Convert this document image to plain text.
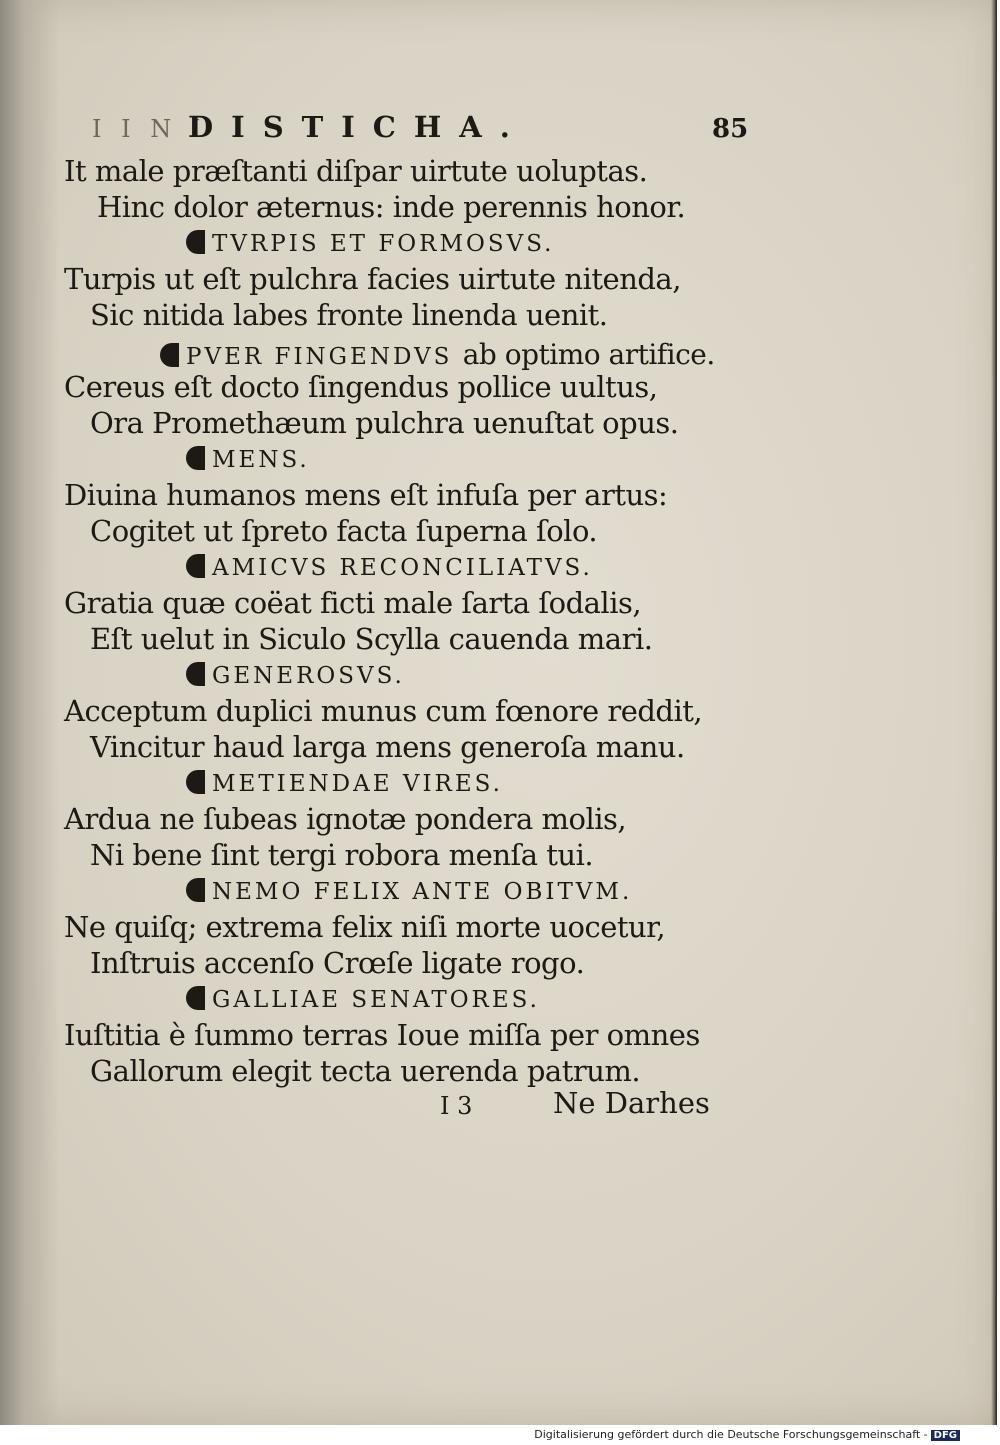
I I N I
DISTICHA.	85
It male præſtanti diſpar uirtute uoluptas.
Hinc dolor æternus: inde perennis honor.
TVRPIS ET FORMOSVS.
Turpis ut eſt pulchra facies uirtute nitenda,
Sic nitida labes fronte linenda uenit.
PVER FINGENDVS ab optimo artifice.
Cereus eſt docto ſingendus pollice uultus,
Ora Promethæum pulchra uenuſtat opus.
MENS.
Diuina humanos mens eſt infuſa per artus:
Cogitet ut ſpreto facta ſuperna ſolo.
AMICVS RECONCILIATVS.
Gratia quæ coëat ficti male ſarta ſodalis,
Eſt uelut in Siculo Scylla cauenda mari.
GENEROSVS.
Acceptum duplici munus cum fœnore reddit,
Vincitur haud larga mens generoſa manu.
METIENDAE VIRES.
Ardua ne ſubeas ignotæ pondera molis,
Ni bene ſint tergi robora menſa tui.
NEMO FELIX ANTE OBITVM.
Ne quiſq; extrema felix niſi morte uocetur,
Inſtruis accenſo Crœſe ligate rogo.
GALLIAE SENATORES.
Iuſtitia è ſummo terras Ioue miſſa per omnes
Gallorum elegit tecta uerenda patrum.
I 3	Ne Darhes
Digitalisierung gefördert durch die Deutsche Forschungsgemeinschaft - DFG
